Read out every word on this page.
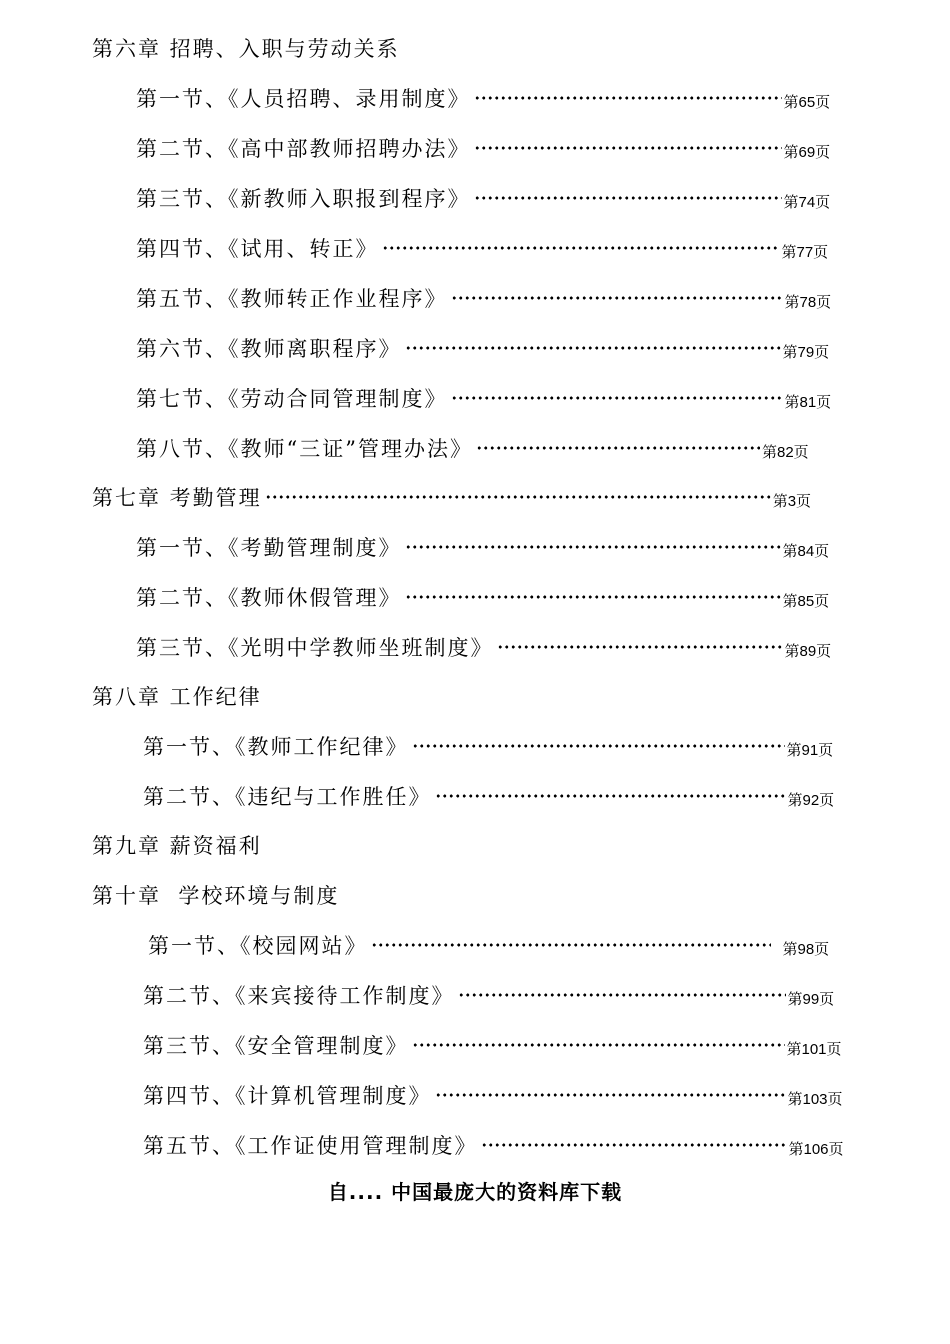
第六章 招聘、入职与劳动关系
第一节、《人员招聘、录用制度》	第65页
第二节、《高中部教师招聘办法》	第69页
第三节、《新教师入职报到程序》	第74页
第四节、《试用、转正》	第77页
第五节、《教师转正作业程序》	第78页
第六节、《教师离职程序》	第79页
第七节、《劳动合同管理制度》	第81页
第八节、《教师“三证”管理办法》	第82页
第七章 考勤管理	第3页
第一节、《考勤管理制度》	第84页
第二节、《教师休假管理》	第85页
第三节、《光明中学教师坐班制度》	第89页
第八章 工作纪律
第一节、《教师工作纪律》	第91页
第二节、《违纪与工作胜任》	第92页
第九章 薪资福利
第十章  学校环境与制度
第一节、《校园网站》	第98页
第二节、《来宾接待工作制度》	第99页
第三节、《安全管理制度》	第101页
第四节、《计算机管理制度》	第103页
第五节、《工作证使用管理制度》	第106页
自.... 中国最庞大的资料库下载
